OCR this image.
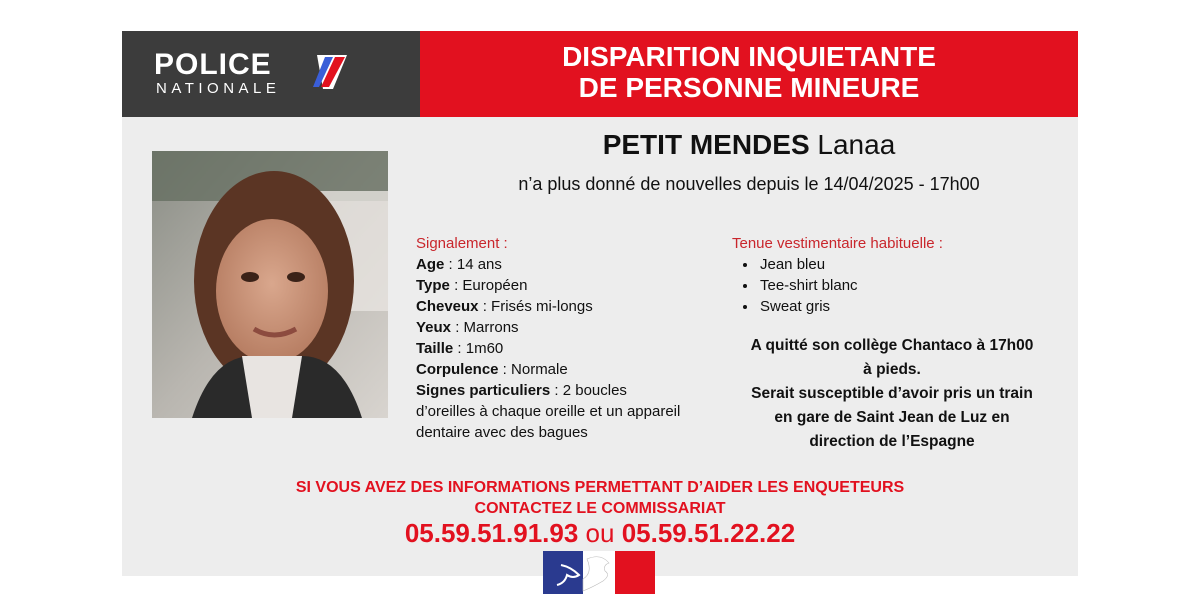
POLICE
NATIONALE
DISPARITION INQUIETANTE
DE PERSONNE MINEURE
PETIT MENDES Lanaa
n’a plus donné de nouvelles depuis le 14/04/2025 - 17h00
Signalement :
Age : 14 ans
Type : Européen
Cheveux : Frisés mi-longs
Yeux : Marrons
Taille : 1m60
Corpulence : Normale
Signes particuliers : 2 boucles d’oreilles à chaque oreille et un appareil dentaire avec des bagues
Tenue vestimentaire habituelle :
• Jean bleu
• Tee-shirt blanc
• Sweat gris
A quitté son collège Chantaco à 17h00
à pieds.
Serait susceptible d’avoir pris un train
en gare de Saint Jean de Luz en
direction de l’Espagne
SI VOUS AVEZ DES INFORMATIONS PERMETTANT D’AIDER LES ENQUETEURS
CONTACTEZ LE COMMISSARIAT
05.59.51.91.93 ou 05.59.51.22.22
